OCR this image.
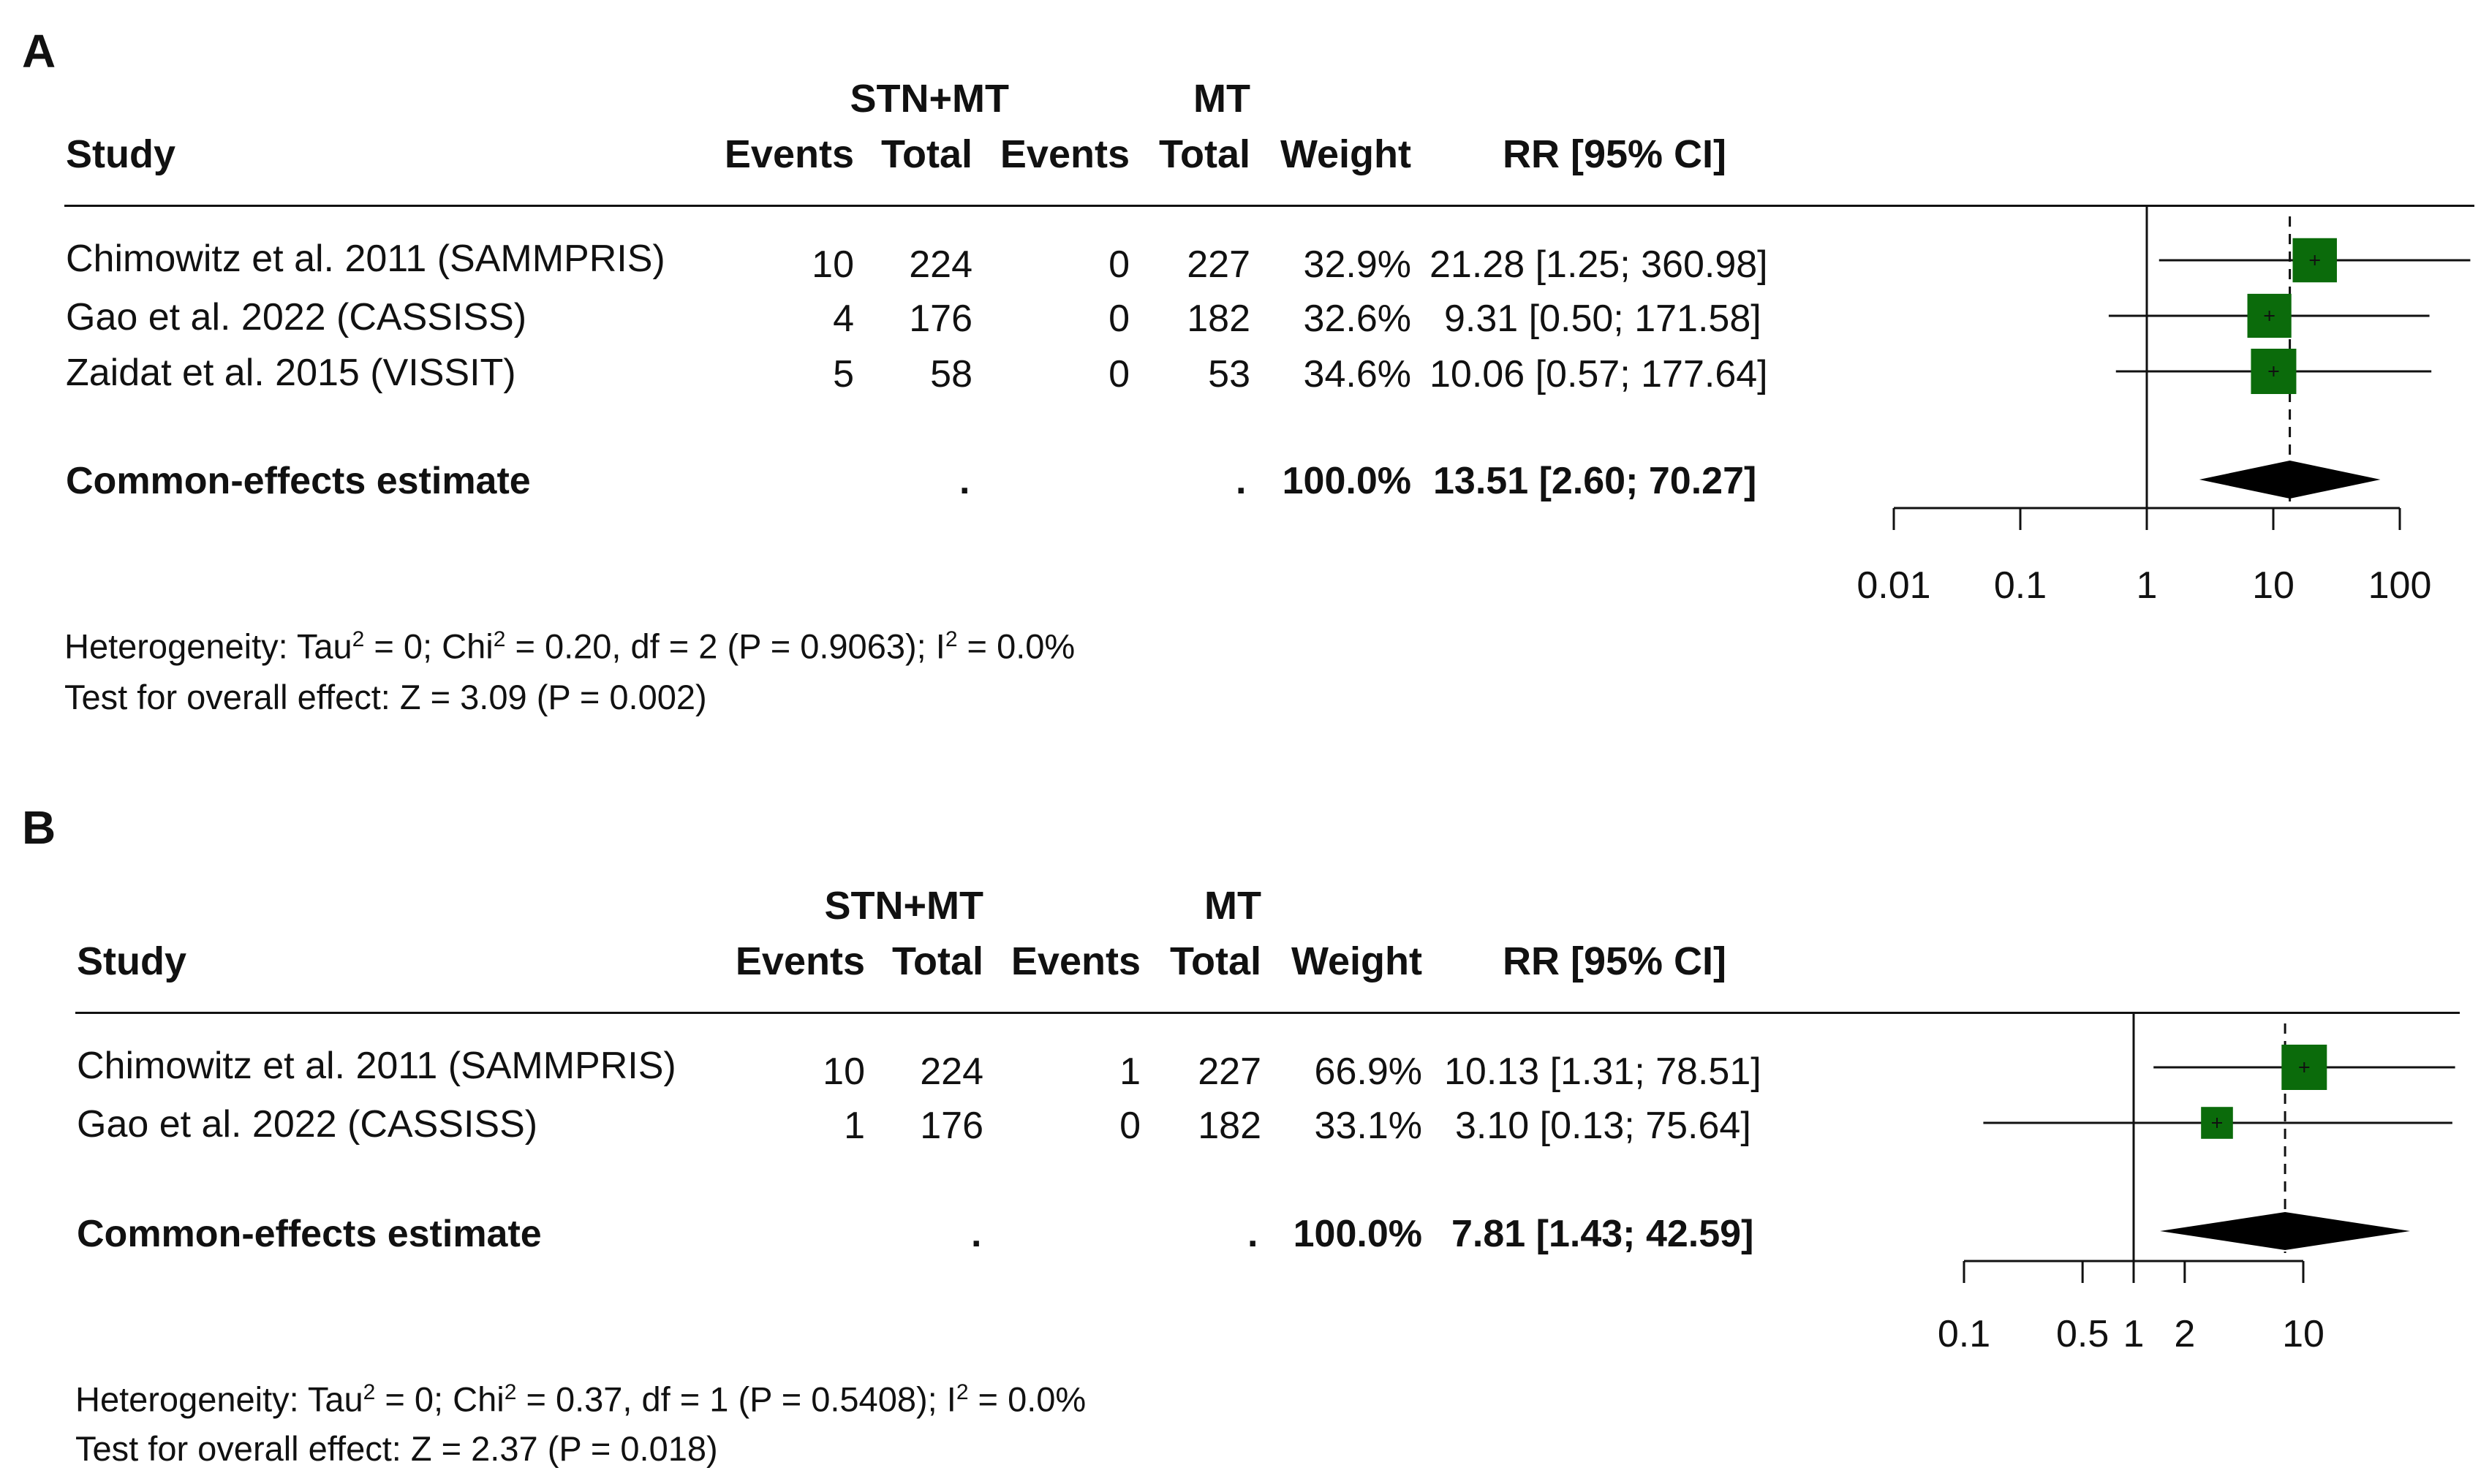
A
STN+MT	MT
Study	Events Total Events Total Weight RR [95% CI]
Chimowitz et al. 2011 (SAMMPRIS)	10	224	0	227	32.9% 21.28 [1.25; 360.98]
Gao et al. 2022 (CASSISS)	4	176	0	182	32.6% 9.31 [0.50; 171.58]
Zaidat et al. 2015 (VISSIT)	5	58	0	53	34.6% 10.06 [0.57; 177.64]
Common-effects estimate	.	. 100.0% 13.51 [2.60; 70.27]
Heterogeneity: Tau$^2$ = 0; Chi$^2$ = 0.20, df = 2 (P = 0.9063); $I^2 = 0.0\%$
Test for overall effect: Z = 3.09 (P = 0.002)
B
STN+MT	MT
Study	Events Total Events Total Weight RR [95% CI]
Chimowitz et al. 2011 (SAMMPRIS)	10	224	1	227	66.9% 10.13 [1.31; 78.51]
Gao et al. 2022 (CASSISS)	1	176	0	182	33.1% 3.10 [0.13; 75.64]
Common-effects estimate	.	. 100.0% 7.81 [1.43; 42.59]
Heterogeneity: Tau$^2$ = 0; Chi$^2$ = 0.37, df = 1 (P = 0.5408); $I^2 = 0.0\%$
Test for overall effect: Z = 2.37 (P = 0.018)
0.01 0.1 1 10 100
0.1 0.5 1 2 10
